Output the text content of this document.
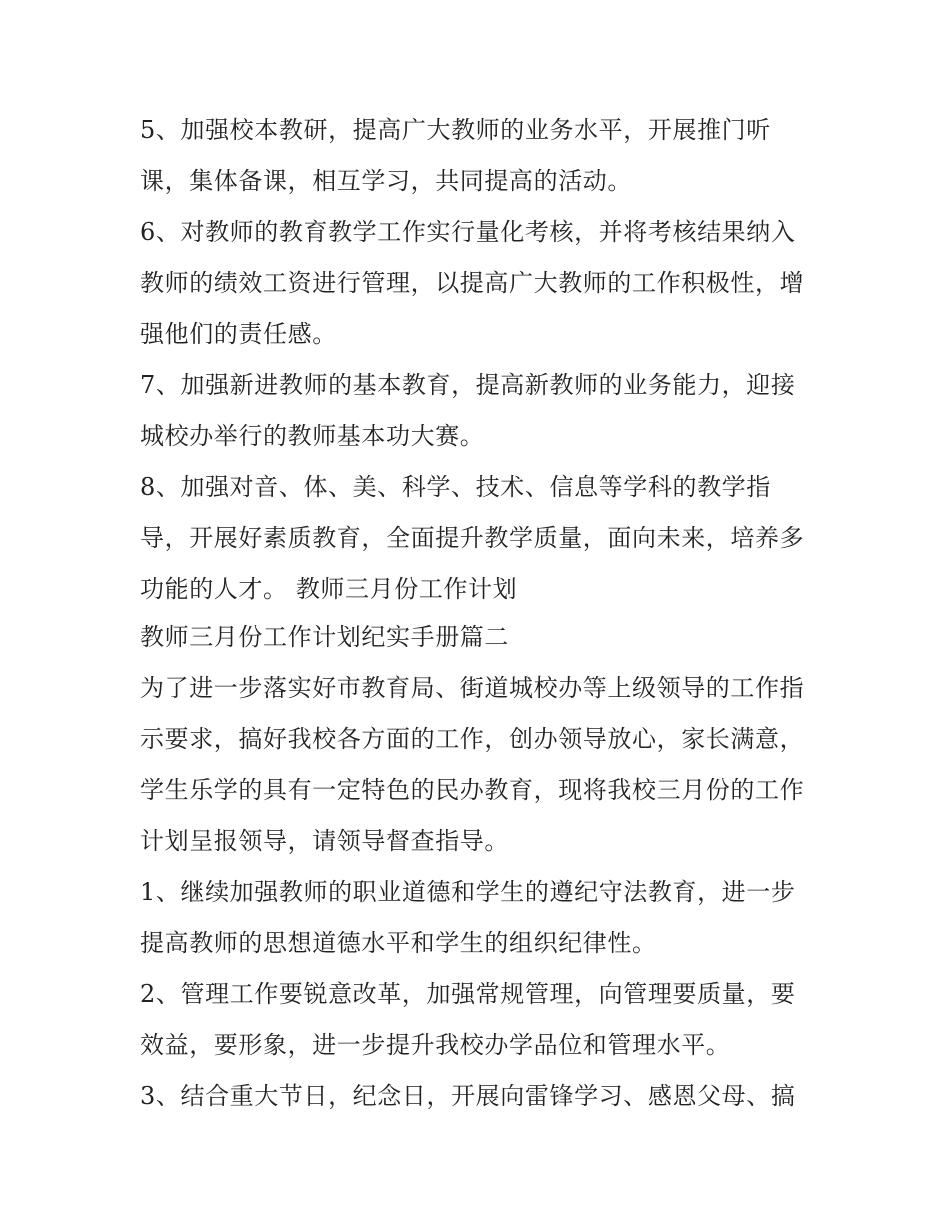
5、加强校本教研，提高广大教师的业务水平，开展推门听
课，集体备课，相互学习，共同提高的活动。
6、对教师的教育教学工作实行量化考核，并将考核结果纳入
教师的绩效工资进行管理，以提高广大教师的工作积极性，增
强他们的责任感。
7、加强新进教师的基本教育，提高新教师的业务能力，迎接
城校办举行的教师基本功大赛。
8、加强对音、体、美、科学、技术、信息等学科的教学指
导，开展好素质教育，全面提升教学质量，面向未来，培养多
功能的人才。 教师三月份工作计划
教师三月份工作计划纪实手册篇二
为了进一步落实好市教育局、街道城校办等上级领导的工作指
示要求，搞好我校各方面的工作，创办领导放心，家长满意，
学生乐学的具有一定特色的民办教育，现将我校三月份的工作
计划呈报领导，请领导督查指导。
1、继续加强教师的职业道德和学生的遵纪守法教育，进一步
提高教师的思想道德水平和学生的组织纪律性。
2、管理工作要锐意改革，加强常规管理，向管理要质量，要
效益，要形象，进一步提升我校办学品位和管理水平。
3、结合重大节日，纪念日，开展向雷锋学习、感恩父母、搞
